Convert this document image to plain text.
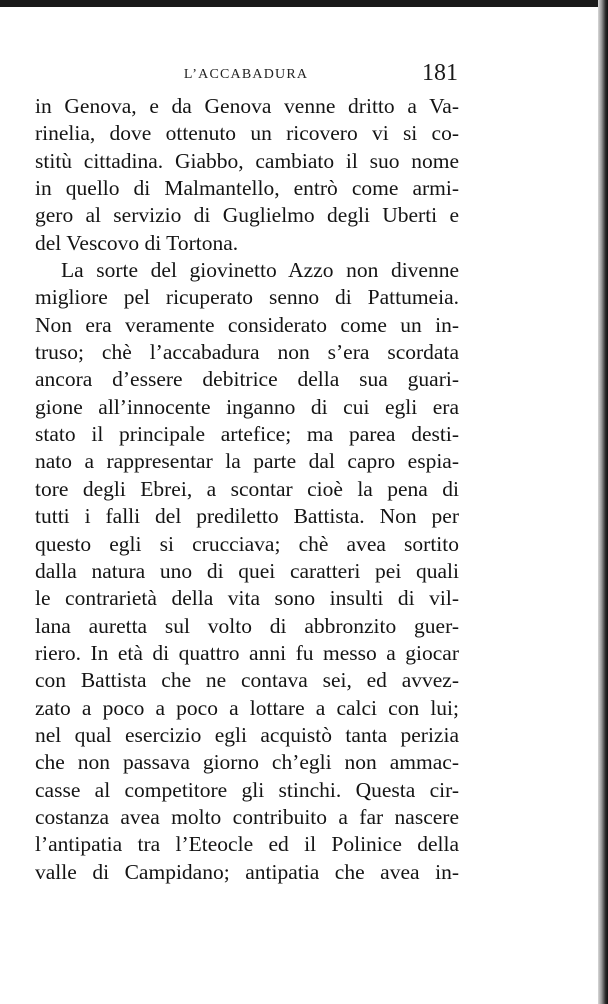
L’ACCABADURA	181
in Genova, e da Genova venne dritto a Va-
rinelia, dove ottenuto un ricovero vi si co-
stitù cittadina. Giabbo, cambiato il suo nome
in quello di Malmantello, entrò come armi-
gero al servizio di Guglielmo degli Uberti e
del Vescovo di Tortona.
La sorte del giovinetto Azzo non divenne
migliore pel ricuperato senno di Pattumeia.
Non era veramente considerato come un in-
truso; chè l’accabadura non s’era scordata
ancora d’essere debitrice della sua guari-
gione all’innocente inganno di cui egli era
stato il principale artefice; ma parea desti-
nato a rappresentar la parte dal capro espia-
tore degli Ebrei, a scontar cioè la pena di
tutti i falli del prediletto Battista. Non per
questo egli si crucciava; chè avea sortito
dalla natura uno di quei caratteri pei quali
le contrarietà della vita sono insulti di vil-
lana auretta sul volto di abbronzito guer-
riero. In età di quattro anni fu messo a giocar
con Battista che ne contava sei, ed avvez-
zato a poco a poco a lottare a calci con lui;
nel qual esercizio egli acquistò tanta perizia
che non passava giorno ch’egli non ammac-
casse al competitore gli stinchi. Questa cir-
costanza avea molto contribuito a far nascere
l’antipatia tra l’Eteocle ed il Polinice della
valle di Campidano; antipatia che avea in-
